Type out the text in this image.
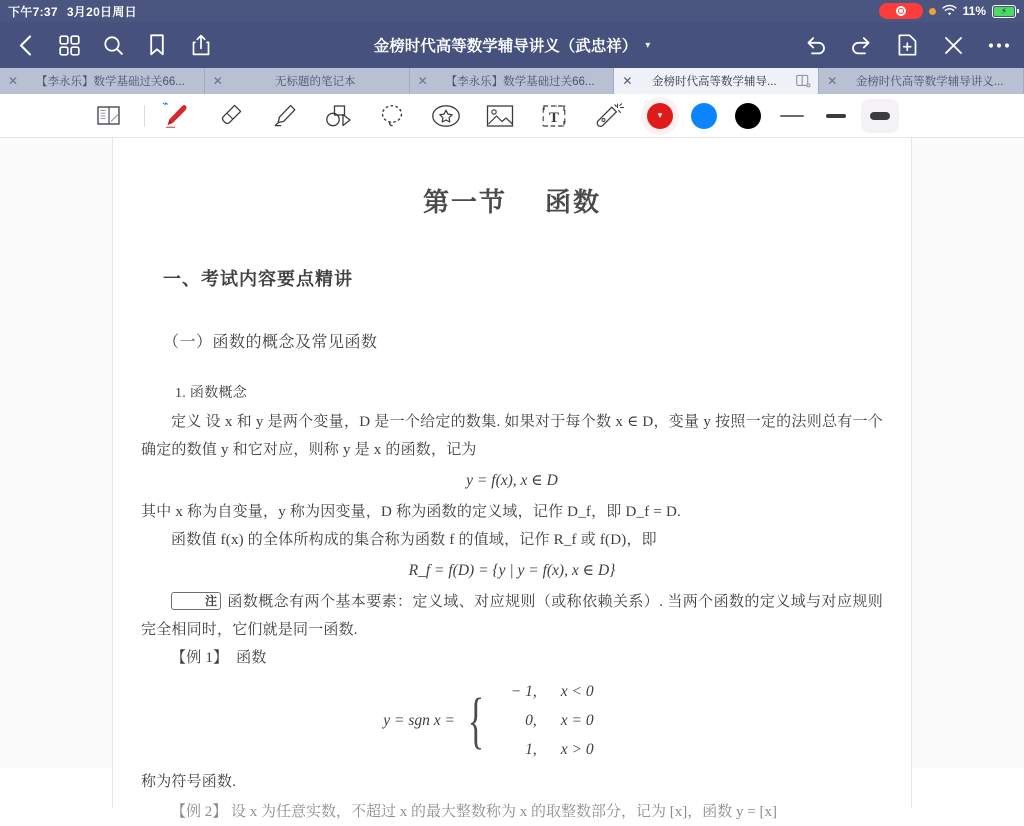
下午7:37 3月20日周日	11% ⚡
金榜时代高等数学辅导讲义（武忠祥） ▾
✕	【李永乐】数学基础过关66...	✕	无标题的笔记本	✕	【李永乐】数学基础过关66...	✕	金榜时代高等数学辅导...	✕	金榜时代高等数学辅导讲义...
⌁
T	▾
第一节 函数
一、考试内容要点精讲
（一）函数的概念及常见函数
1. 函数概念

定义 设 x 和 y 是两个变量，D 是一个给定的数集. 如果对于每个数 x ∈ D，变量 y 按照一定的法则总有一个确定的数值 y 和它对应，则称 y 是 x 的函数，记为

y = f(x), x ∈ D

其中 x 称为自变量，y 称为因变量，D 称为函数的定义域，记作 D_f，即 D_f = D.

函数值 f(x) 的全体所构成的集合称为函数 f 的值域，记作 R_f 或 f(D)，即

R_f = f(D) = {y | y = f(x), x ∈ D}

注 函数概念有两个基本要素：定义域、对应规则（或称依赖关系）. 当两个函数的定义域与对应规则完全相同时，它们就是同一函数.

【例 1】 函数

y = sgn x = {	− 1,	x < 0
0,	x = 0
1,	x > 0

称为符号函数.

【例 2】 设 x 为任意实数，不超过 x 的最大整数称为 x 的取整数部分，记为 [x]，函数 y = [x]
